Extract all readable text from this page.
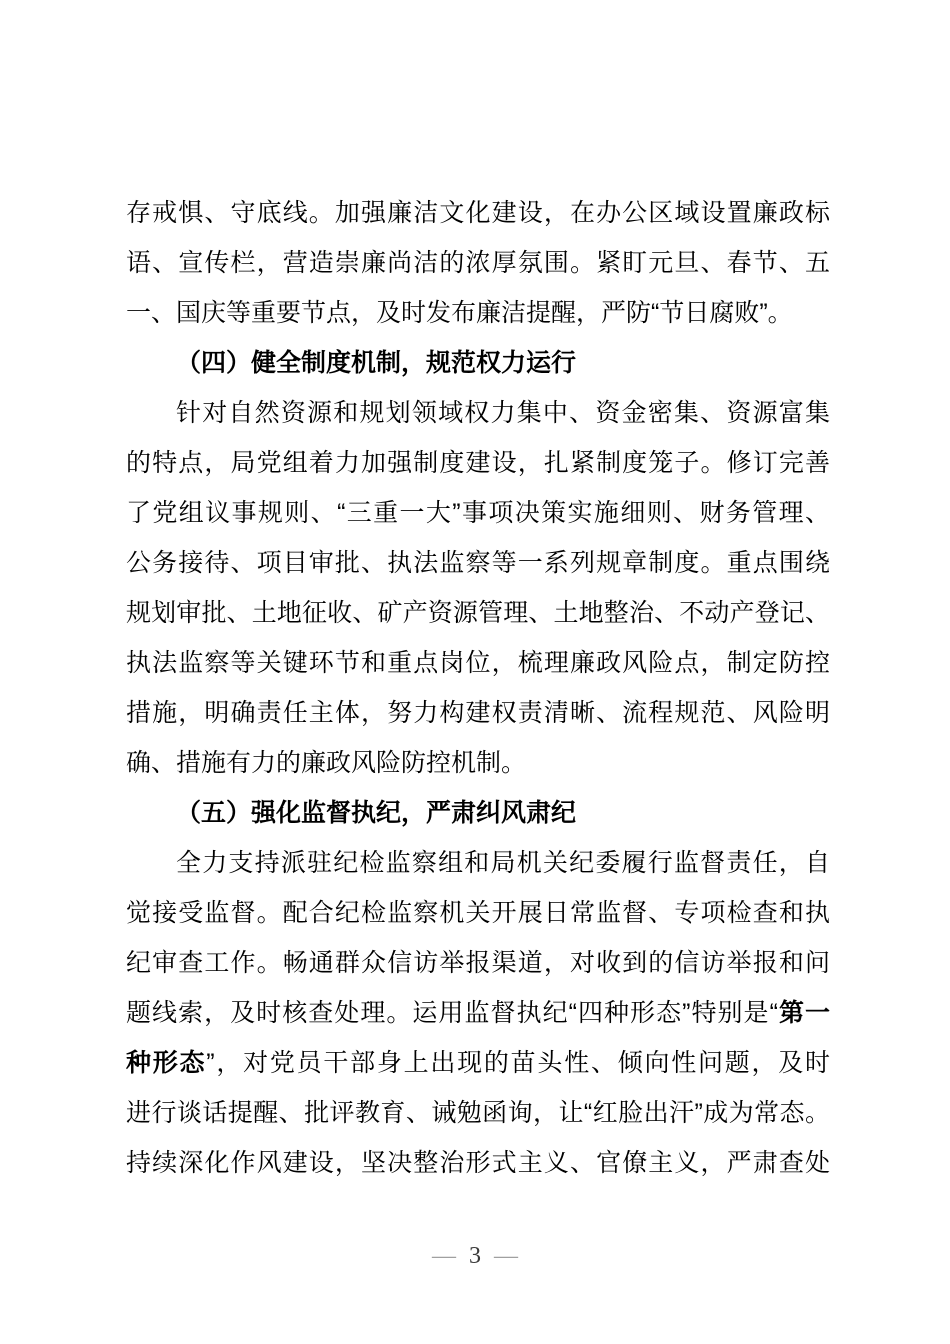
存戒惧、守底线。加强廉洁文化建设，在办公区域设置廉政标
语、宣传栏，营造崇廉尚洁的浓厚氛围。紧盯元旦、春节、五
一、国庆等重要节点，及时发布廉洁提醒，严防“节日腐败”。
（四）健全制度机制，规范权力运行
针对自然资源和规划领域权力集中、资金密集、资源富集
的特点，局党组着力加强制度建设，扎紧制度笼子。修订完善
了党组议事规则、“三重一大”事项决策实施细则、财务管理、
公务接待、项目审批、执法监察等一系列规章制度。重点围绕
规划审批、土地征收、矿产资源管理、土地整治、不动产登记、
执法监察等关键环节和重点岗位，梳理廉政风险点，制定防控
措施，明确责任主体，努力构建权责清晰、流程规范、风险明
确、措施有力的廉政风险防控机制。
（五）强化监督执纪，严肃纠风肃纪
全力支持派驻纪检监察组和局机关纪委履行监督责任，自
觉接受监督。配合纪检监察机关开展日常监督、专项检查和执
纪审查工作。畅通群众信访举报渠道，对收到的信访举报和问
题线索，及时核查处理。运用监督执纪“四种形态”特别是“第一
种形态”，对党员干部身上出现的苗头性、倾向性问题，及时
进行谈话提醒、批评教育、诫勉函询，让“红脸出汗”成为常态。
持续深化作风建设，坚决整治形式主义、官僚主义，严肃查处
— 3 —
